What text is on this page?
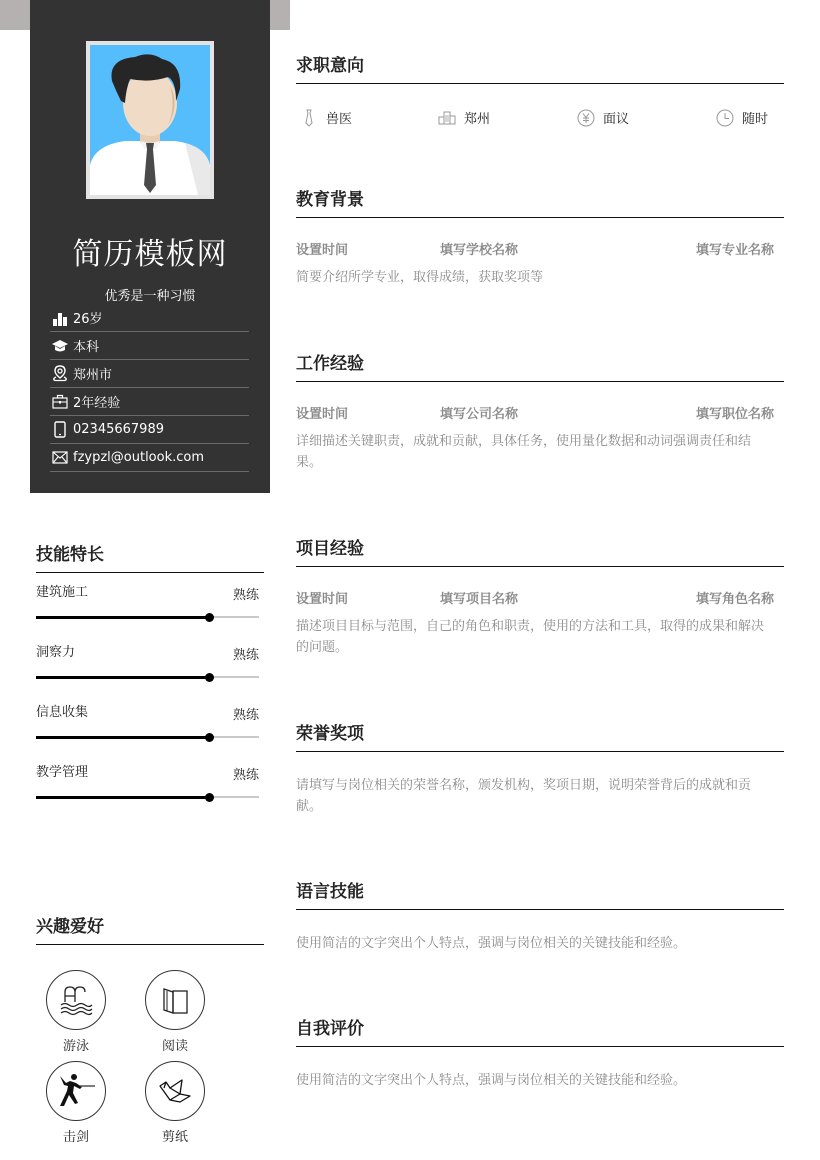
简历模板网
优秀是一种习惯
26岁
本科
郑州市
2年经验
02345667989
fzypzl@outlook.com
技能特长
建筑施工	熟练
洞察力	熟练
信息收集	熟练
教学管理	熟练
兴趣爱好
游泳	阅读
击剑	剪纸
求职意向
兽医	郑州	面议	随时
教育背景
设置时间	填写学校名称	填写专业名称
简要介绍所学专业，取得成绩，获取奖项等
工作经验
设置时间	填写公司名称	填写职位名称
详细描述关键职责，成就和贡献，具体任务，使用量化数据和动词强调责任和结果。
项目经验
设置时间	填写项目名称	填写角色名称
描述项目目标与范围，自己的角色和职责，使用的方法和工具，取得的成果和解决的问题。
荣誉奖项
请填写与岗位相关的荣誉名称，颁发机构，奖项日期，说明荣誉背后的成就和贡献。
语言技能
使用简洁的文字突出个人特点，强调与岗位相关的关键技能和经验。
自我评价
使用简洁的文字突出个人特点，强调与岗位相关的关键技能和经验。
